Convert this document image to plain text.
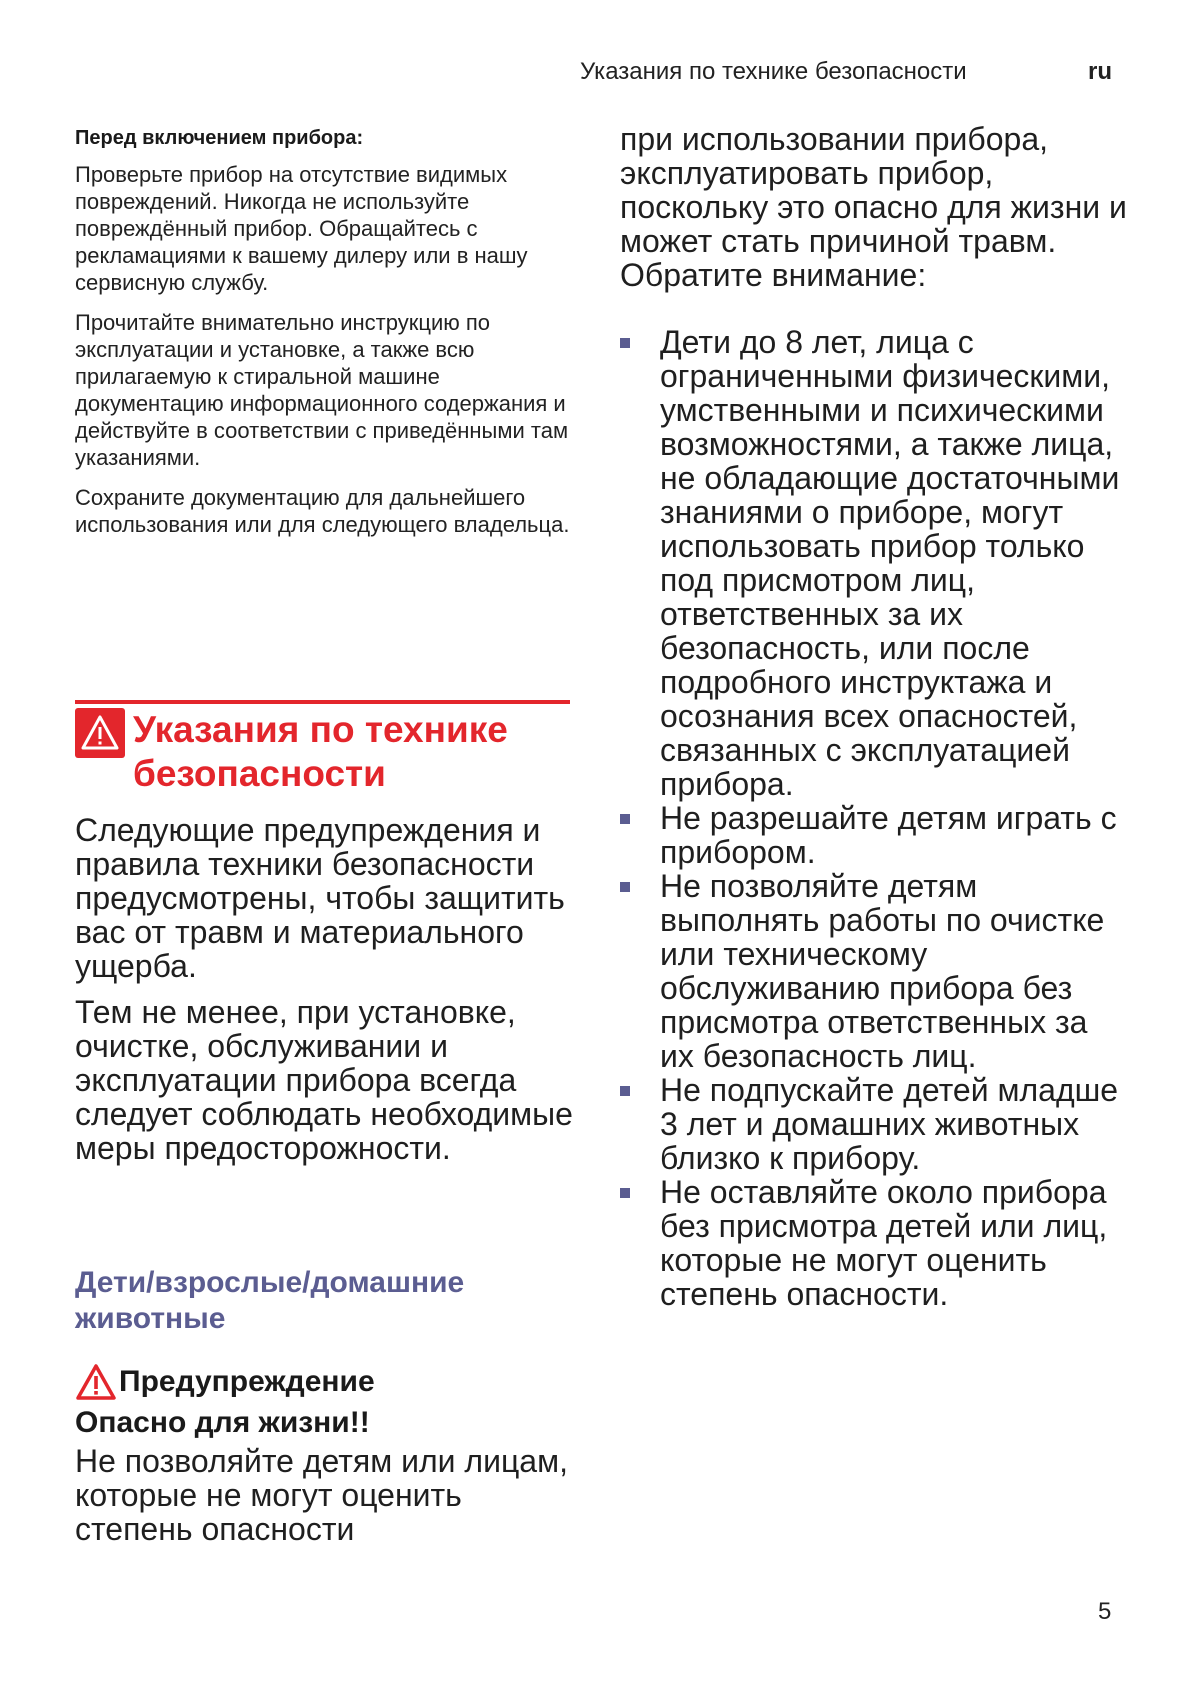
Указания по технике безопасности	ru
Перед включением прибора:

Проверьте прибор на отсутствие видимых повреждений. Никогда не используйте повреждённый прибор. Обращайтесь с рекламациями к вашему дилеру или в нашу сервисную службу.

Прочитайте внимательно инструкцию по эксплуатации и установке, а также всю прилагаемую к стиральной машине документацию информационного содержания и действуйте в соответствии с приведёнными там указаниями.

Сохраните документацию для дальнейшего использования или для следующего владельца.

Указания по технике безопасности

Следующие предупреждения и правила техники безопасности предусмотрены, чтобы защитить вас от травм и материального ущерба.

Тем не менее, при установке, очистке, обслуживании и эксплуатации прибора всегда следует соблюдать необходимые меры предосторожности.

Дети/взрослые/домашние животные
Предупреждение
Опасно для жизни!!
Не позволяйте детям или лицам, которые не могут оценить степень опасности

при использовании прибора, эксплуатировать прибор, поскольку это опасно для жизни и может стать причиной травм. Обратите внимание:

Дети до 8 лет, лица с ограниченными физическими, умственными и психическими возможностями, а также лица, не обладающие достаточными знаниями о приборе, могут использовать прибор только под присмотром лиц, ответственных за их безопасность, или после подробного инструктажа и осознания всех опасностей, связанных с эксплуатацией прибора.
Не разрешайте детям играть с прибором.
Не позволяйте детям выполнять работы по очистке или техническому обслуживанию прибора без присмотра ответственных за их безопасность лиц.
Не подпускайте детей младше 3 лет и домашних животных близко к прибору.
Не оставляйте около прибора без присмотра детей или лиц, которые не могут оценить степень опасности.
5
